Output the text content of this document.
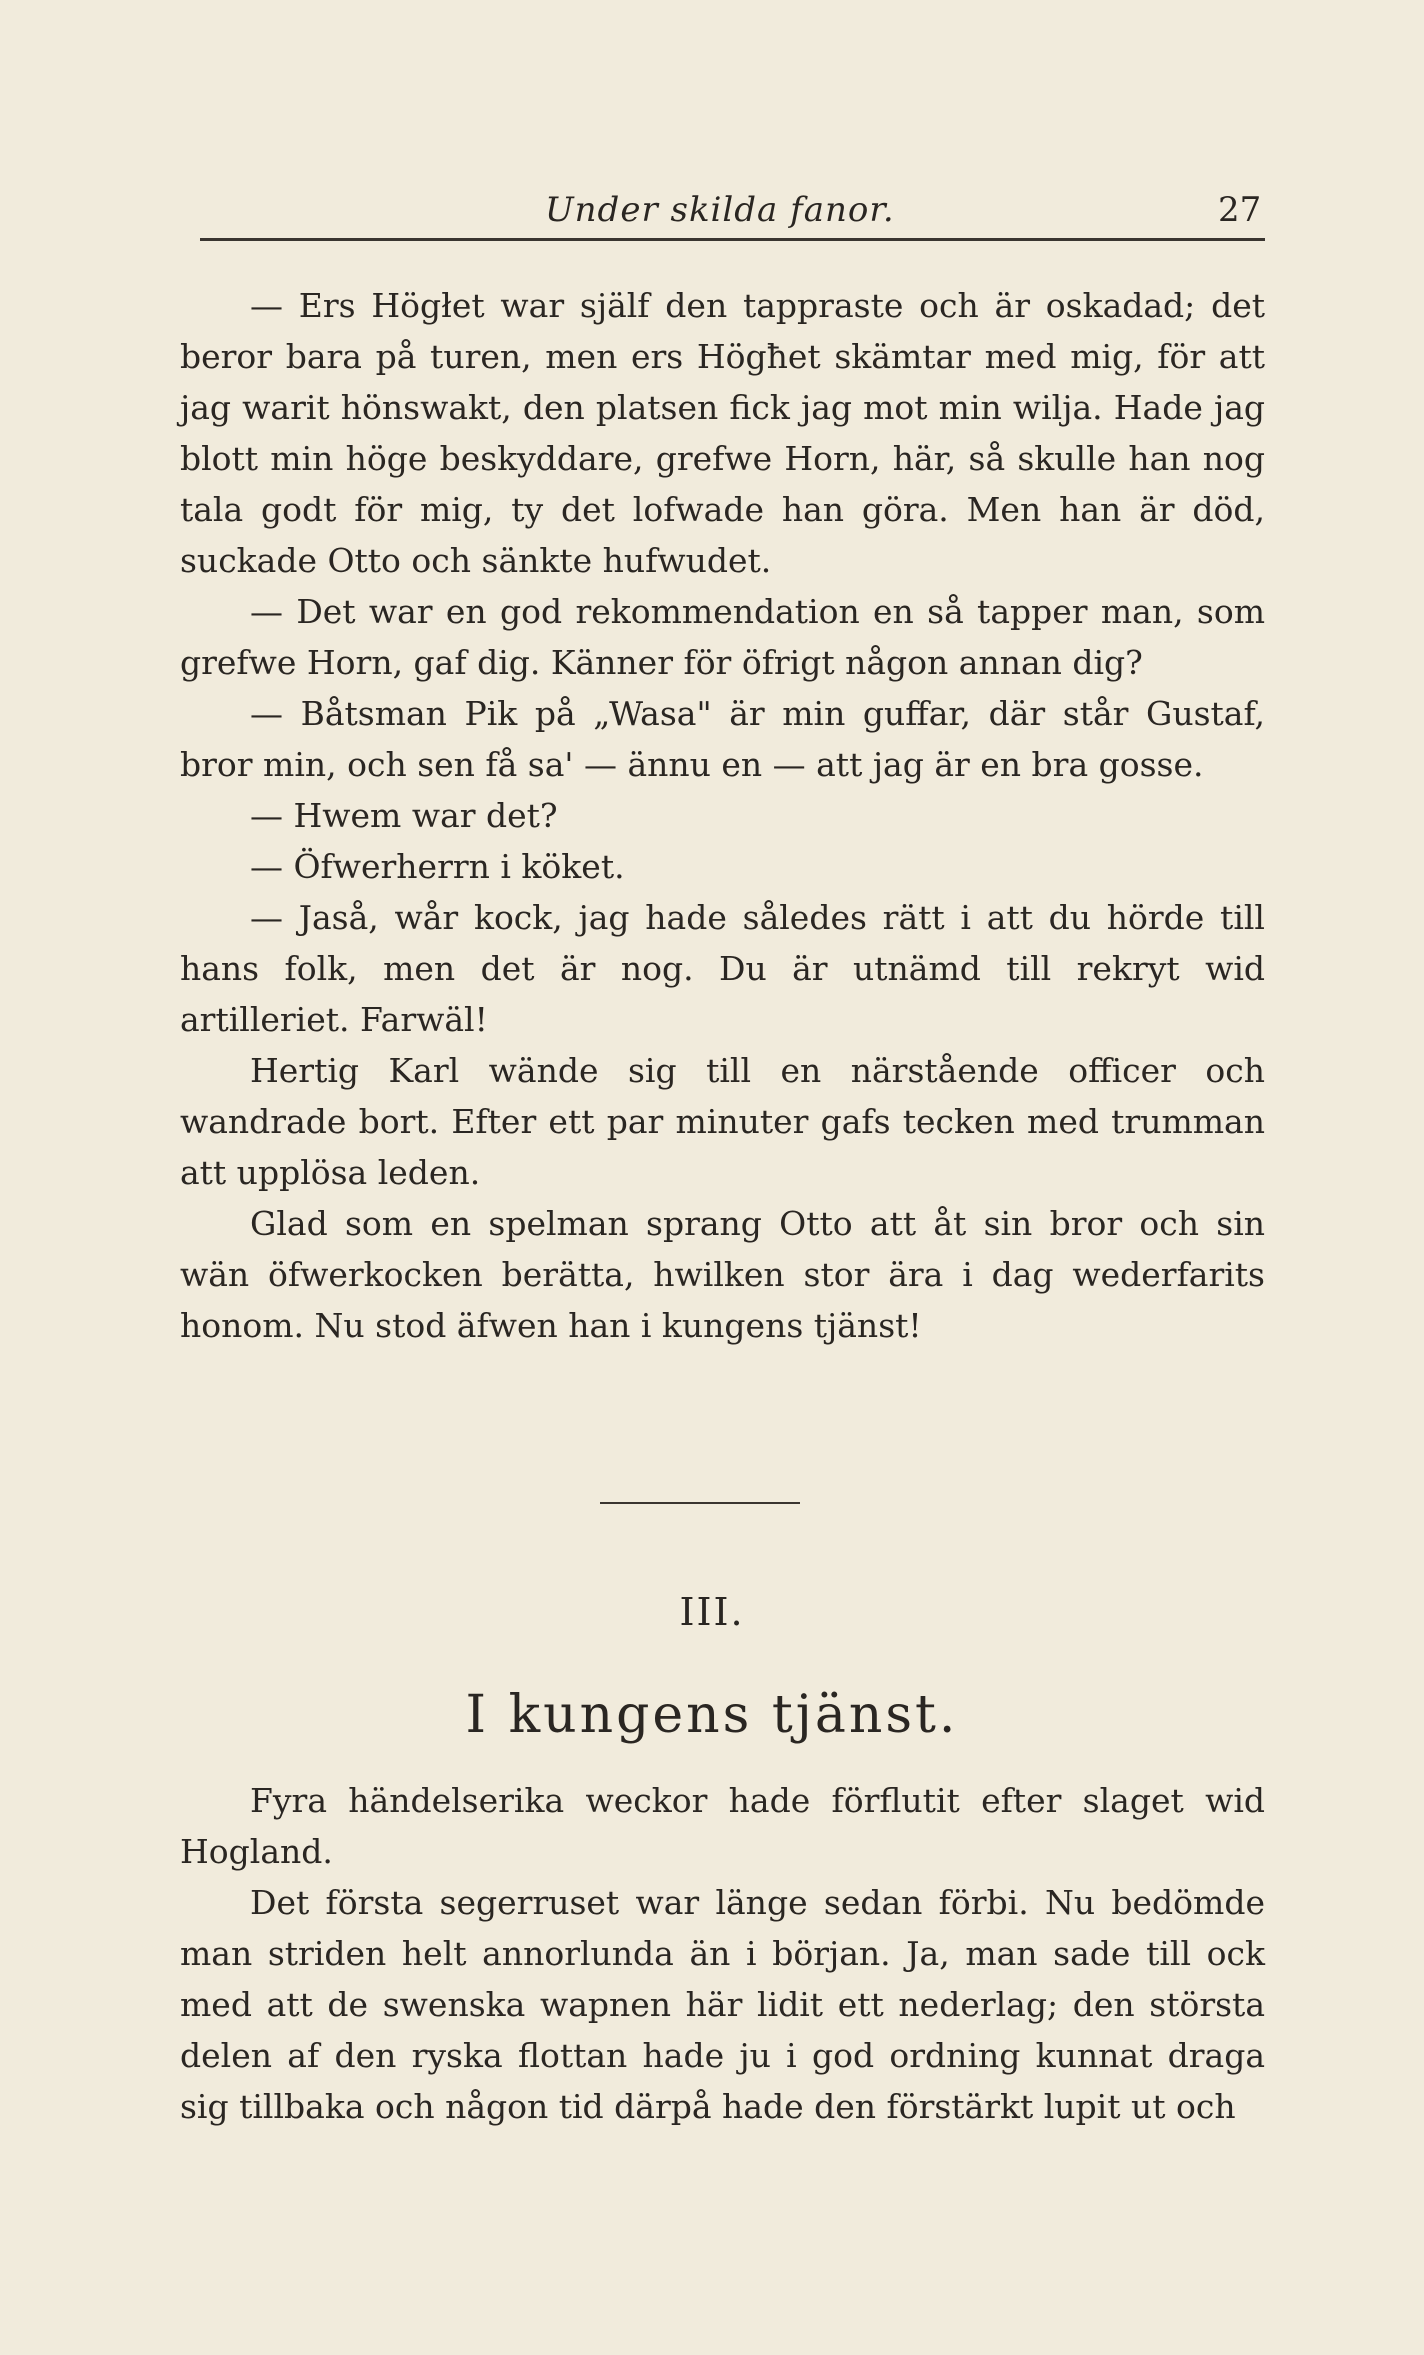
Under skilda fanor.	27

— Ers Högłet war själf den tappraste och är oskadad; det beror bara på turen, men ers Högħet skämtar med mig, för att jag warit hönswakt, den platsen fick jag mot min wilja. Hade jag blott min höge beskyddare, grefwe Horn, här, så skulle han nog tala godt för mig, ty det lofwade han göra. Men han är död, suckade Otto och sänkte hufwudet.

— Det war en god rekommendation en så tapper man, som grefwe Horn, gaf dig. Känner för öfrigt någon annan dig?

— Båtsman Pik på „Wasa" är min guffar, där står Gustaf, bror min, och sen få sa' — ännu en — att jag är en bra gosse.

— Hwem war det?

— Öfwerherrn i köket.

— Jaså, wår kock, jag hade således rätt i att du hörde till hans folk, men det är nog. Du är utnämd till rekryt wid artilleriet. Farwäl!

Hertig Karl wände sig till en närstående officer och wandrade bort. Efter ett par minuter gafs tecken med trumman att upplösa leden.

Glad som en spelman sprang Otto att åt sin bror och sin wän öfwerkocken berätta, hwilken stor ära i dag wederfarits honom. Nu stod äfwen han i kungens tjänst!

III.
I kungens tjänst.

Fyra händelserika weckor hade förflutit efter slaget wid Hogland.

Det första segerruset war länge sedan förbi. Nu bedömde man striden helt annorlunda än i början. Ja, man sade till ock med att de swenska wapnen här lidit ett nederlag; den största delen af den ryska flottan hade ju i god ordning kunnat draga sig tillbaka och någon tid därpå hade den förstärkt lupit ut och
